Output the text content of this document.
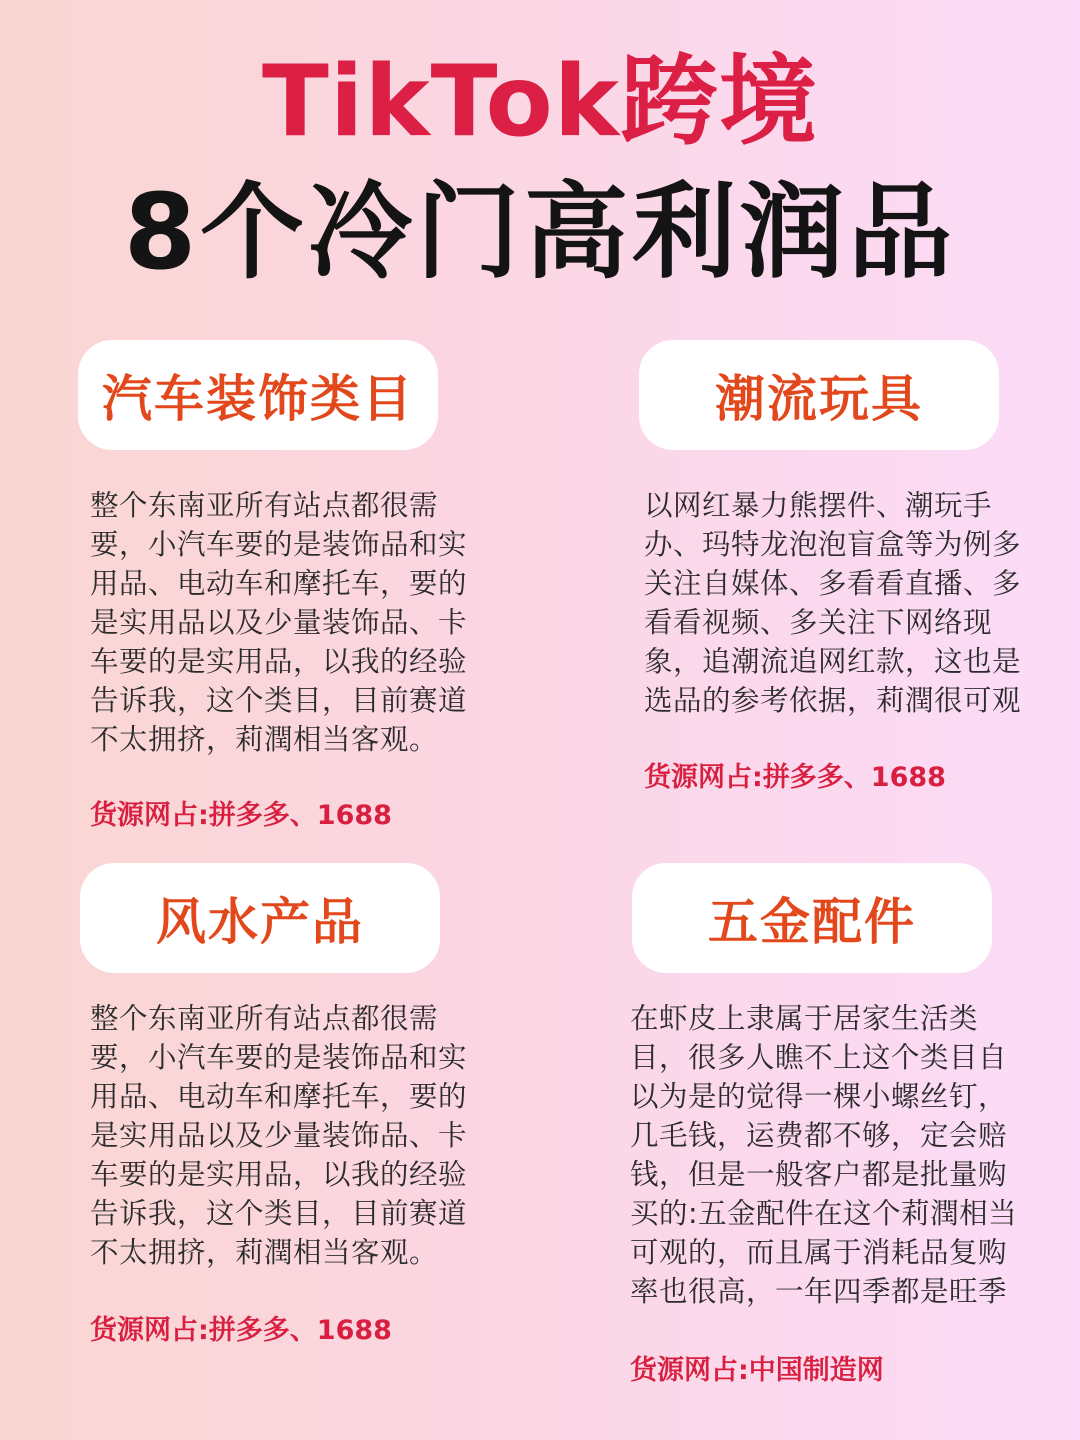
TikTok跨境
8个冷门高利润品
汽车装饰类目
整个东南亚所有站点都很需
要，小汽车要的是装饰品和实
用品、电动车和摩托车，要的
是实用品以及少量装饰品、卡
车要的是实用品，以我的经验
告诉我，这个类目，目前赛道
不太拥挤，莉潤相当客观。
货源网占:拼多多、1688
潮流玩具
以网红暴力熊摆件、潮玩手
办、玛特龙泡泡盲盒等为例多
关注自媒体、多看看直播、多
看看视频、多关注下网络现
象，追潮流追网红款，这也是
选品的参考依据，莉潤很可观
货源网占:拼多多、1688
风水产品
整个东南亚所有站点都很需
要，小汽车要的是装饰品和实
用品、电动车和摩托车，要的
是实用品以及少量装饰品、卡
车要的是实用品，以我的经验
告诉我，这个类目，目前赛道
不太拥挤，莉潤相当客观。
货源网占:拼多多、1688
五金配件
在虾皮上隶属于居家生活类
目，很多人瞧不上这个类目自
以为是的觉得一棵小螺丝钉，
几毛钱，运费都不够，定会赔
钱，但是一般客户都是批量购
买的:五金配件在这个莉潤相当
可观的，而且属于消耗品复购
率也很高，一年四季都是旺季
货源网占:中国制造网
